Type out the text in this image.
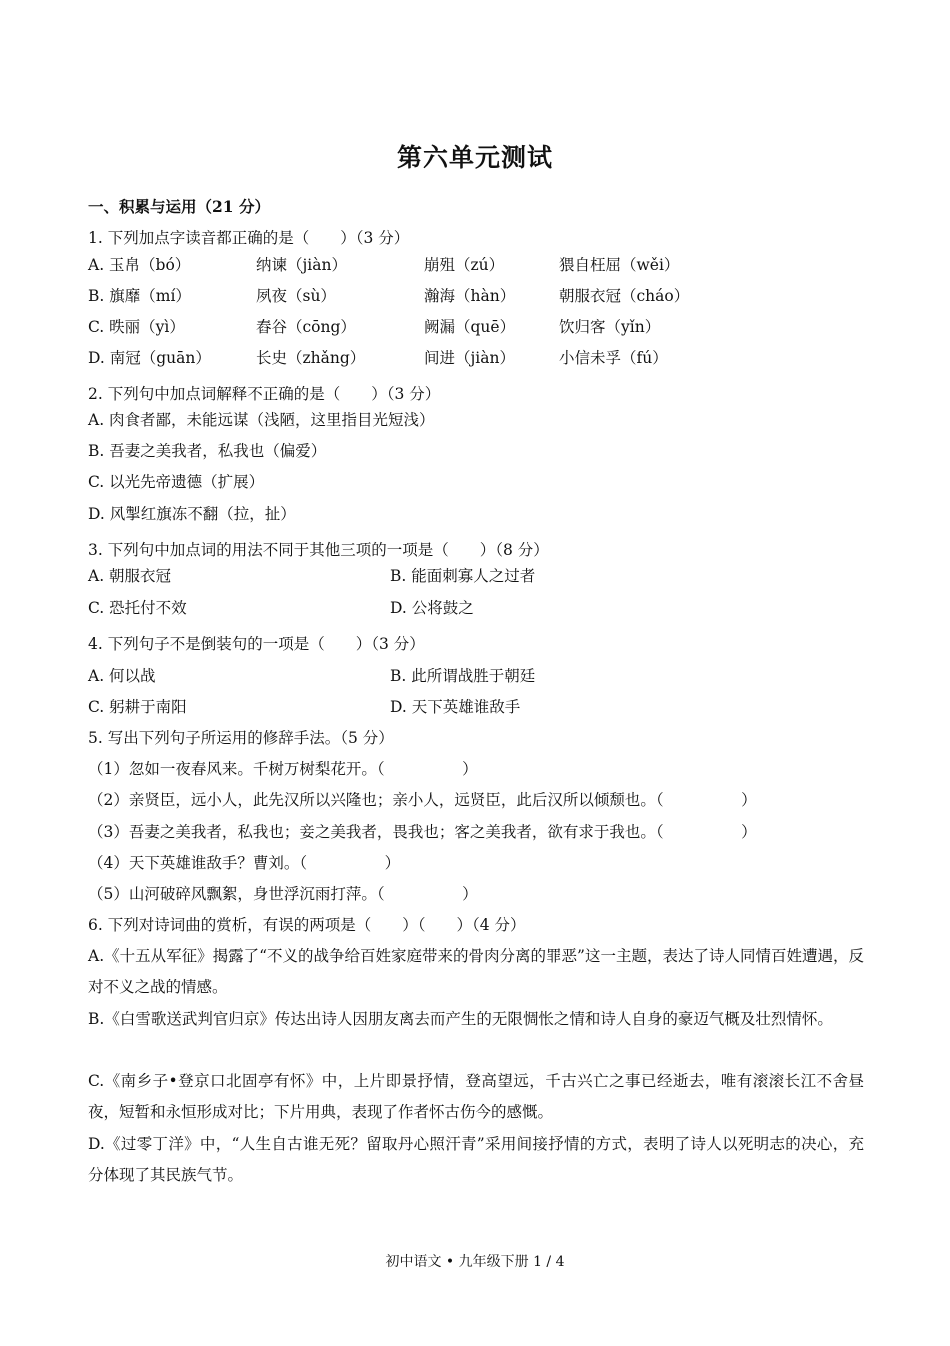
第六单元测试
一、积累与运用（21 分）
1. 下列加点字读音都正确的是（　　）（3 分）
A. 玉帛（bó）	纳谏（jiàn）	崩殂（zú）	猥自枉屈（wěi）
B. 旗靡（mí）	夙夜（sù）	瀚海（hàn）	朝服衣冠（cháo）
C. 昳丽（yì）	舂谷（cōng）	阙漏（quē）	饮归客（yǐn）
D. 南冠（guān）	长史（zhǎng）	间进（jiàn）	小信未孚（fú）
2. 下列句中加点词解释不正确的是（　　）（3 分）
A. 肉食者鄙，未能远谋（浅陋，这里指目光短浅）
B. 吾妻之美我者，私我也（偏爱）
C. 以光先帝遗德（扩展）
D. 风掣红旗冻不翻（拉，扯）
3. 下列句中加点词的用法不同于其他三项的一项是（　　）（8 分）
A. 朝服衣冠	B. 能面刺寡人之过者
C. 恐托付不效	D. 公将鼓之
4. 下列句子不是倒装句的一项是（　　）（3 分）
A. 何以战	B. 此所谓战胜于朝廷
C. 躬耕于南阳	D. 天下英雄谁敌手
5. 写出下列句子所运用的修辞手法。（5 分）
（1）忽如一夜春风来。千树万树梨花开。（　　　　　）
（2）亲贤臣，远小人，此先汉所以兴隆也；亲小人，远贤臣，此后汉所以倾颓也。（　　　　　）
（3）吾妻之美我者，私我也；妾之美我者，畏我也；客之美我者，欲有求于我也。（　　　　　）
（4）天下英雄谁敌手？曹刘。（　　　　　）
（5）山河破碎风飘絮，身世浮沉雨打萍。（　　　　　）
6. 下列对诗词曲的赏析，有误的两项是（　　）（　　）（4 分）
A.《十五从军征》揭露了“不义的战争给百姓家庭带来的骨肉分离的罪恶”这一主题，表达了诗人同情百姓遭遇，反对不义之战的情感。
B.《白雪歌送武判官归京》传达出诗人因朋友离去而产生的无限惆怅之情和诗人自身的豪迈气概及壮烈情怀。
C.《南乡子•登京口北固亭有怀》中，上片即景抒情，登高望远，千古兴亡之事已经逝去，唯有滚滚长江不舍昼夜，短暂和永恒形成对比；下片用典，表现了作者怀古伤今的感慨。
D.《过零丁洋》中，“人生自古谁无死？留取丹心照汗青”采用间接抒情的方式，表明了诗人以死明志的决心，充分体现了其民族气节。
初中语文 • 九年级下册 1 / 4
